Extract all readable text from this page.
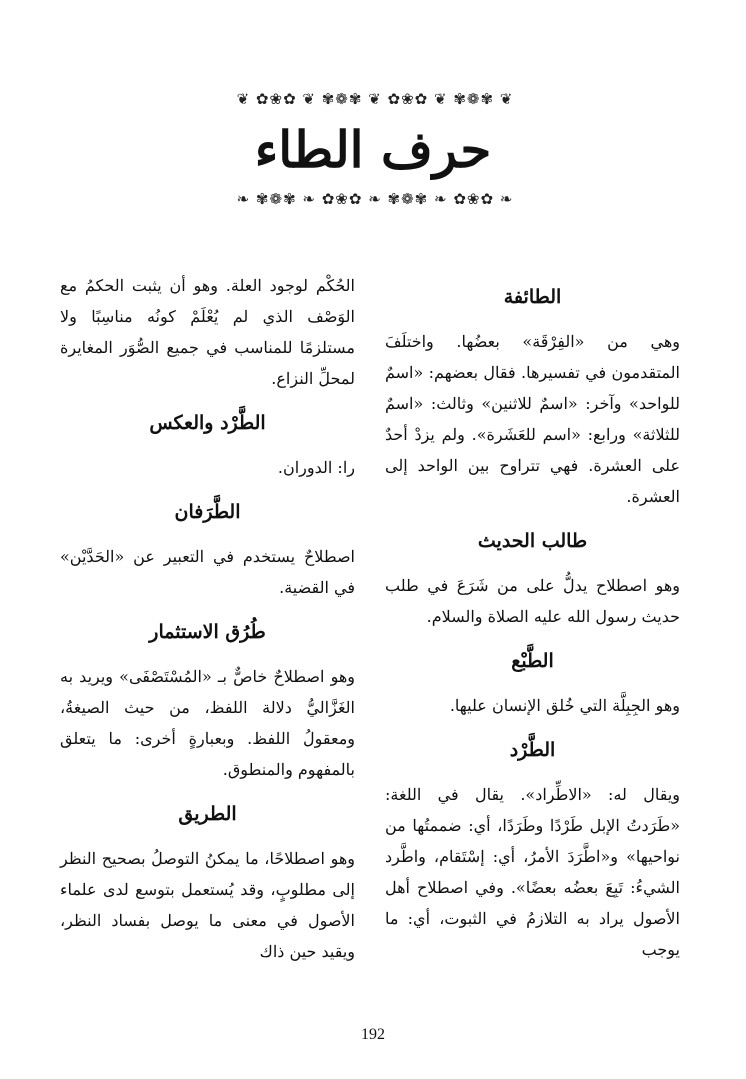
❦ ✿❀✿ ❦ ✾❁✾ ❦ ✿❀✿ ❦ ✾❁✾ ❦
حرف الطاء
❧ ✾❁✾ ❧ ✿❀✿ ❧ ✾❁✾ ❧ ✿❀✿ ❧
الطائفة

وهي من «الفِرْقَة» بعضُها. واختلَفَ المتقدمون في تفسيرها. فقال بعضهم: «اسمٌ للواحد» وآخر: «اسمٌ للاثنين» وثالث: «اسمٌ للثلاثة» ورابع: «اسم للعَشَرة». ولم يزدْ أحدٌ على العشرة. فهي تتراوح بين الواحد إلى العشرة.

طالب الحديث

وهو اصطلاح يدلُّ على من شَرَعَ في طلب حديث رسول الله عليه الصلاة والسلام.

الطَّبْع

وهو الجِبِلَّة التي خُلق الإنسان عليها.

الطَّرْد

ويقال له: «الاطِّراد». يقال في اللغة: «طَرَدتُ الإبل طَرْدًا وطَرَدًا، أي: ضممتُها من نواحيها» و«اطَّرَدَ الأمرُ، أي: إسْتَقام، واطَّرد الشيءُ: تَبِعَ بعضُه بعضًا». وفي اصطلاح أهل الأصول يراد به التلازمُ في الثبوت، أي: ما يوجب

الحُكْم لوجود العلة. وهو أن يثبت الحكمُ مع الوَصْف الذي لم يُعْلَمْ كونُه مناسِبًا ولا مستلزمًا للمناسب في جميع الصُّوَر المغايرة لمحلِّ النزاع.

الطَّرْد والعكس

را: الدوران.

الطَّرَفان

اصطلاحٌ يستخدم في التعبير عن «الحَدَّيْن» في القضية.

طُرُق الاستثمار

وهو اصطلاحٌ خاصٌّ بـ «المُسْتَصْفَى» ويريد به الغَزَّاليُّ دلالة اللفظ، من حيث الصيغةُ، ومعقولُ اللفظ. وبعبارةٍ أخرى: ما يتعلق بالمفهوم والمنطوق.

الطريق

وهو اصطلاحًا، ما يمكنُ التوصلُ بصحيح النظر إلى مطلوبٍ، وقد يُستعمل بتوسع لدى علماء الأصول في معنى ما يوصل بفساد النظر، ويقيد حين ذاك

192
